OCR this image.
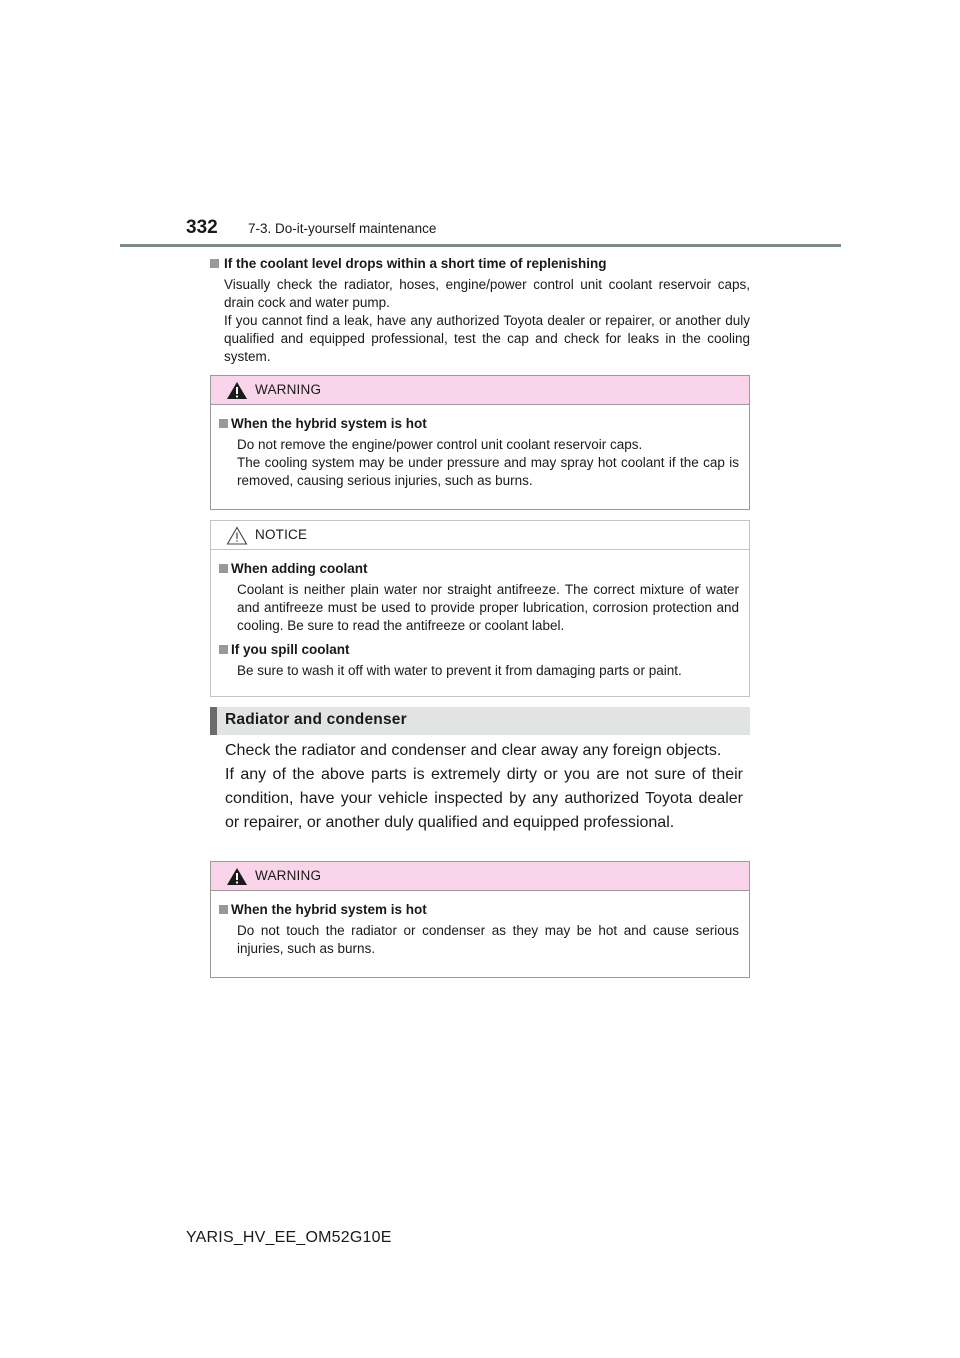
332 7-3. Do-it-yourself maintenance
If the coolant level drops within a short time of replenishing

Visually check the radiator, hoses, engine/power control unit coolant reservoir caps, drain cock and water pump.

If you cannot find a leak, have any authorized Toyota dealer or repairer, or another duly qualified and equipped professional, test the cap and check for leaks in the cooling system.

WARNING
When the hybrid system is hot

Do not remove the engine/power control unit coolant reservoir caps.

The cooling system may be under pressure and may spray hot coolant if the cap is removed, causing serious injuries, such as burns.

NOTICE
When adding coolant

Coolant is neither plain water nor straight antifreeze. The correct mixture of water and antifreeze must be used to provide proper lubrication, corrosion protection and cooling. Be sure to read the antifreeze or coolant label.

If you spill coolant

Be sure to wash it off with water to prevent it from damaging parts or paint.

Radiator and condenser

Check the radiator and condenser and clear away any foreign objects.

If any of the above parts is extremely dirty or you are not sure of their condition, have your vehicle inspected by any authorized Toyota dealer or repairer, or another duly qualified and equipped professional.

WARNING
When the hybrid system is hot

Do not touch the radiator or condenser as they may be hot and cause serious injuries, such as burns.

YARIS_HV_EE_OM52G10E
